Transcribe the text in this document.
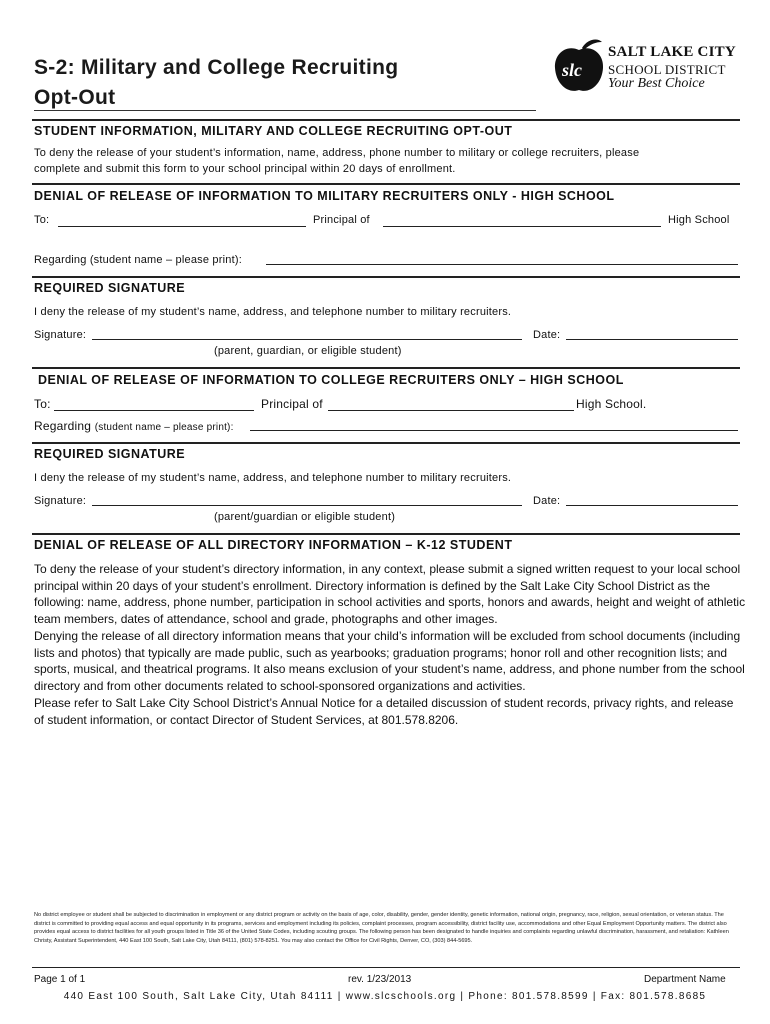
S-2: Military and College Recruiting
Opt-Out
slc
SALT LAKE CITY
SCHOOL DISTRICT
Your Best Choice
STUDENT INFORMATION, MILITARY AND COLLEGE RECRUITING OPT-OUT
To deny the release of your student’s information, name, address, phone number to military or college recruiters, please
complete and submit this form to your school principal within 20 days of enrollment.
DENIAL OF RELEASE OF INFORMATION TO MILITARY RECRUITERS ONLY - HIGH SCHOOL
To:	Principal of	High School
Regarding (student name – please print):
REQUIRED SIGNATURE
I deny the release of my student’s name, address, and telephone number to military recruiters.
Signature:	Date:
(parent, guardian, or eligible student)
DENIAL OF RELEASE OF INFORMATION TO COLLEGE RECRUITERS ONLY – HIGH SCHOOL
To:	Principal of	High School.
Regarding (student name – please print):
REQUIRED SIGNATURE
I deny the release of my student’s name, address, and telephone number to military recruiters.
Signature:	Date:
(parent/guardian or eligible student)
DENIAL OF RELEASE OF ALL DIRECTORY INFORMATION – K-12 STUDENT
To deny the release of your student’s directory information, in any context, please submit a signed written request to your local school principal within 20 days of your student’s enrollment. Directory information is defined by the Salt Lake City School District as the following: name, address, phone number, participation in school activities and sports, honors and awards, height and weight of athletic team members, dates of attendance, school and grade, photographs and other images.
Denying the release of all directory information means that your child’s information will be excluded from school documents (including lists and photos) that typically are made public, such as yearbooks; graduation programs; honor roll and other recognition lists; and sports, musical, and theatrical programs. It also means exclusion of your student’s name, address, and phone number from the school directory and from other documents related to school-sponsored organizations and activities.
Please refer to Salt Lake City School District’s Annual Notice for a detailed discussion of student records, privacy rights, and release of student information, or contact Director of Student Services, at 801.578.8206.
No district employee or student shall be subjected to discrimination in employment or any district program or activity on the basis of age, color, disability, gender, gender identity, genetic information, national origin, pregnancy, race, religion, sexual orientation, or veteran status. The district is committed to providing equal access and equal opportunity in its programs, services and employment including its policies, complaint processes, program accessibility, district facility use, accommodations and other Equal Employment Opportunity matters. The district also provides equal access to district facilities for all youth groups listed in Title 36 of the United State Codes, including scouting groups. The following person has been designated to handle inquiries and complaints regarding unlawful discrimination, harassment, and retaliation: Kathleen Christy, Assistant Superintendent, 440 East 100 South, Salt Lake City, Utah 84111, (801) 578-8251. You may also contact the Office for Civil Rights, Denver, CO, (303) 844-5695.
Page 1 of 1	rev. 1/23/2013	Department Name
440 East 100 South, Salt Lake City, Utah 84111 | www.slcschools.org | Phone: 801.578.8599 | Fax: 801.578.8685
